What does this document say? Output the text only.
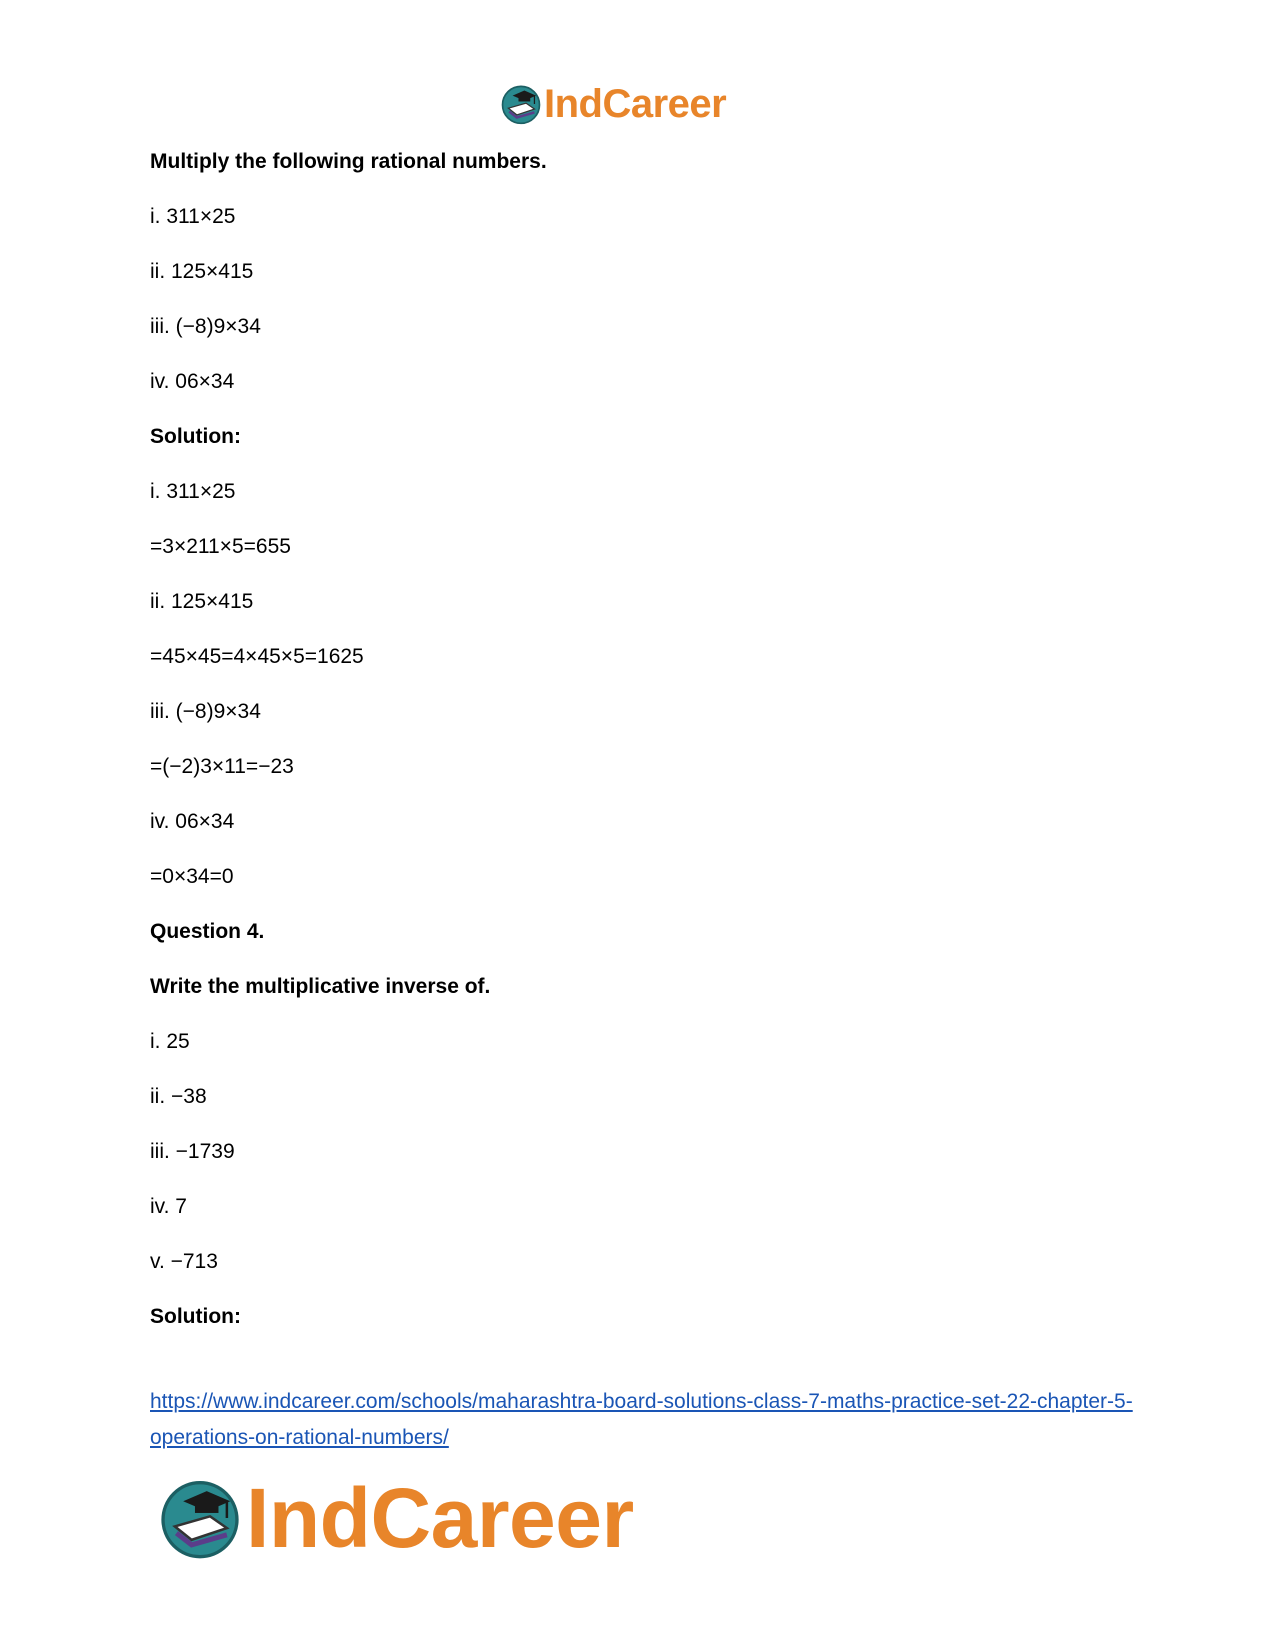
IndCareer
Multiply the following rational numbers.
i. 311×25
ii. 125×415
iii. (−8)9×34
iv. 06×34
Solution:
i. 311×25
=3×211×5=655
ii. 125×415
=45×45=4×45×5=1625
iii. (−8)9×34
=(−2)3×11=−23
iv. 06×34
=0×34=0
Question 4.
Write the multiplicative inverse of.
i. 25
ii. −38
iii. −1739
iv. 7
v. −713
Solution:
https://www.indcareer.com/schools/maharashtra-board-solutions-class-7-maths-practice-set-22-chapter-5-operations-on-rational-numbers/
IndCareer
